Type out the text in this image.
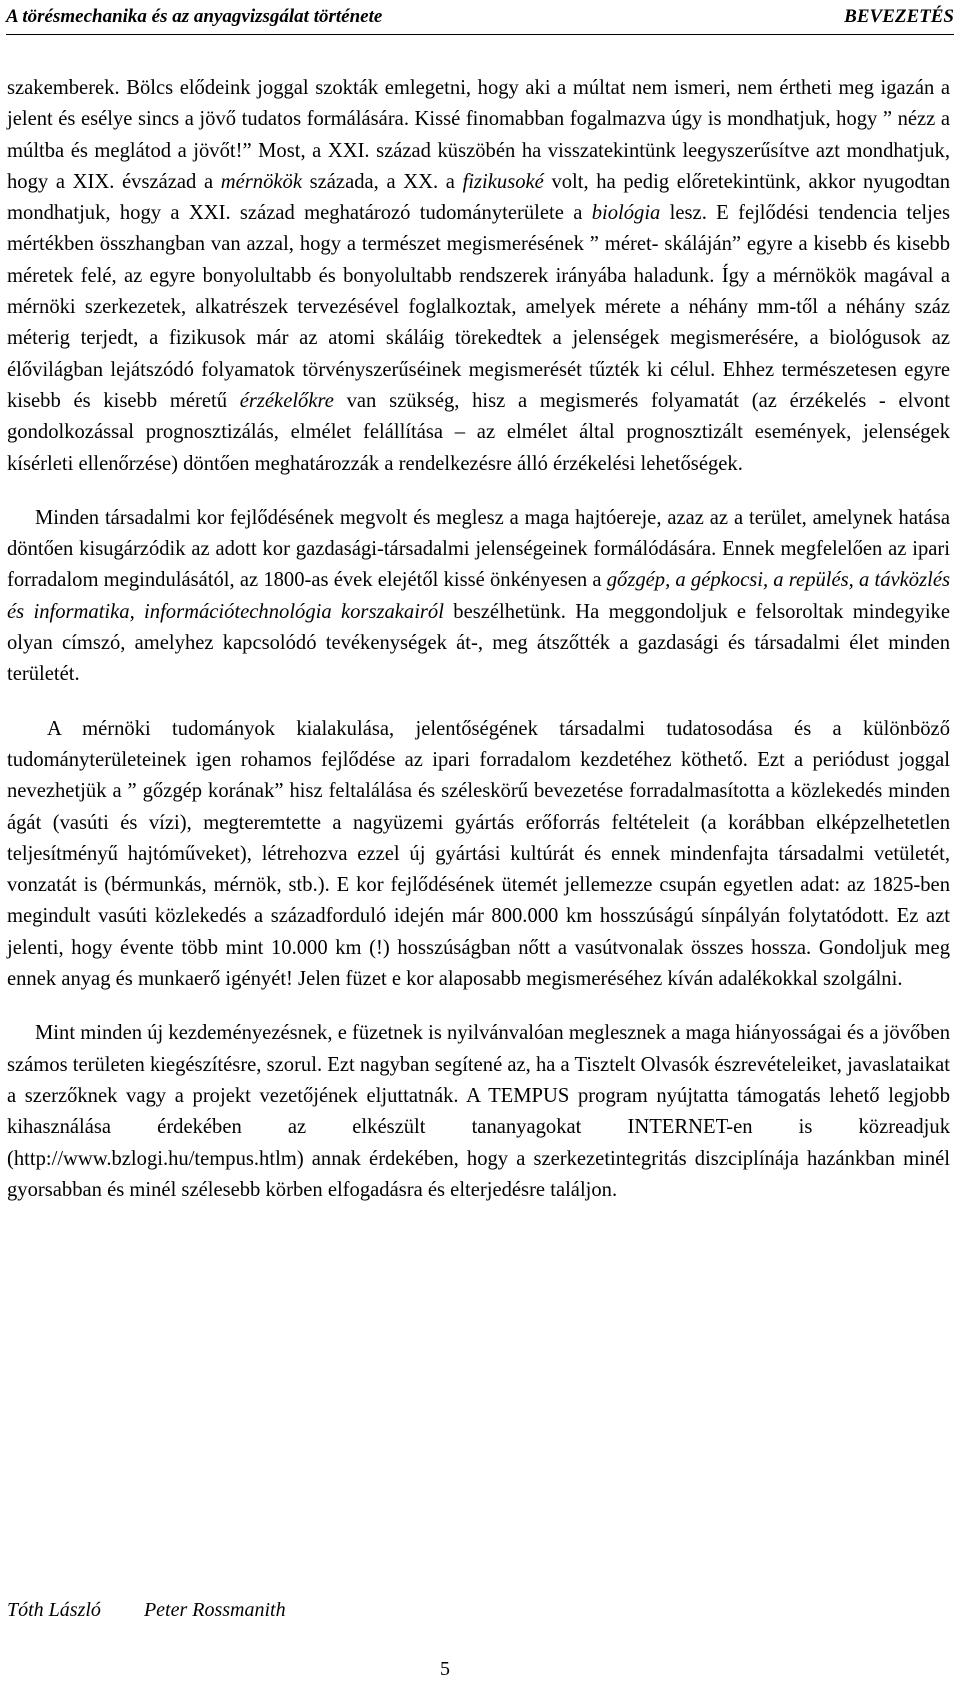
A törésmechanika és az anyagvizsgálat története	BEVEZETÉS

szakemberek. Bölcs elődeink joggal szokták emlegetni, hogy aki a múltat nem ismeri, nem értheti meg igazán a jelent és esélye sincs a jövő tudatos formálására. Kissé finomabban fogalmazva úgy is mondhatjuk, hogy ” nézz a múltba és meglátod a jövőt!” Most, a XXI. század küszöbén ha visszatekintünk leegyszerűsítve azt mondhatjuk, hogy a XIX. évszázad a mérnökök százada, a XX. a fizikusoké volt, ha pedig előretekintünk, akkor nyugodtan mondhatjuk, hogy a XXI. század meghatározó tudományterülete a biológia lesz. E fejlődési tendencia teljes mértékben összhangban van azzal, hogy a természet megismerésének ” méret- skáláján” egyre a kisebb és kisebb méretek felé, az egyre bonyolultabb és bonyolultabb rendszerek irányába haladunk. Így a mérnökök magával a mérnöki szerkezetek, alkatrészek tervezésével foglalkoztak, amelyek mérete a néhány mm-től a néhány száz méterig terjedt, a fizikusok már az atomi skáláig törekedtek a jelenségek megismerésére, a biológusok az élővilágban lejátszódó folyamatok törvényszerűséinek megismerését tűzték ki célul. Ehhez természetesen egyre kisebb és kisebb méretű érzékelőkre van szükség, hisz a megismerés folyamatát (az érzékelés - elvont gondolkozással prognosztizálás, elmélet felállítása – az elmélet által prognosztizált események, jelenségek kísérleti ellenőrzése) döntően meghatározzák a rendelkezésre álló érzékelési lehetőségek.

Minden társadalmi kor fejlődésének megvolt és meglesz a maga hajtóereje, azaz az a terület, amelynek hatása döntően kisugárzódik az adott kor gazdasági-társadalmi jelenségeinek formálódására. Ennek megfelelően az ipari forradalom megindulásától, az 1800-as évek elejétől kissé önkényesen a gőzgép, a gépkocsi, a repülés, a távközlés és informatika, információtechnológia korszakairól beszélhetünk. Ha meggondoljuk e felsoroltak mindegyike olyan címszó, amelyhez kapcsolódó tevékenységek át-, meg átszőtték a gazdasági és társadalmi élet minden területét.

A mérnöki tudományok kialakulása, jelentőségének társadalmi tudatosodása és a különböző tudományterületeinek igen rohamos fejlődése az ipari forradalom kezdetéhez köthető. Ezt a periódust joggal nevezhetjük a ” gőzgép korának” hisz feltalálása és széleskörű bevezetése forradalmasította a közlekedés minden ágát (vasúti és vízi), megteremtette a nagyüzemi gyártás erőforrás feltételeit (a korábban elképzelhetetlen teljesítményű hajtóműveket), létrehozva ezzel új gyártási kultúrát és ennek mindenfajta társadalmi vetületét, vonzatát is (bérmunkás, mérnök, stb.). E kor fejlődésének ütemét jellemezze csupán egyetlen adat: az 1825-ben megindult vasúti közlekedés a századforduló idején már 800.000 km hosszúságú sínpályán folytatódott. Ez azt jelenti, hogy évente több mint 10.000 km (!) hosszúságban nőtt a vasútvonalak összes hossza. Gondoljuk meg ennek anyag és munkaerő igényét! Jelen füzet e kor alaposabb megismeréséhez kíván adalékokkal szolgálni.

Mint minden új kezdeményezésnek, e füzetnek is nyilvánvalóan meglesznek a maga hiányosságai és a jövőben számos területen kiegészítésre, szorul. Ezt nagyban segítené az, ha a Tisztelt Olvasók észrevételeiket, javaslataikat a szerzőknek vagy a projekt vezetőjének eljuttatnák. A TEMPUS program nyújtatta támogatás lehető legjobb kihasználása érdekében az elkészült tananyagokat INTERNET-en is közreadjuk (http://www.bzlogi.hu/tempus.htlm) annak érdekében, hogy a szerkezetintegritás diszciplínája hazánkban minél gyorsabban és minél szélesebb körben elfogadásra és elterjedésre találjon.

Tóth László Peter Rossmanith
5
